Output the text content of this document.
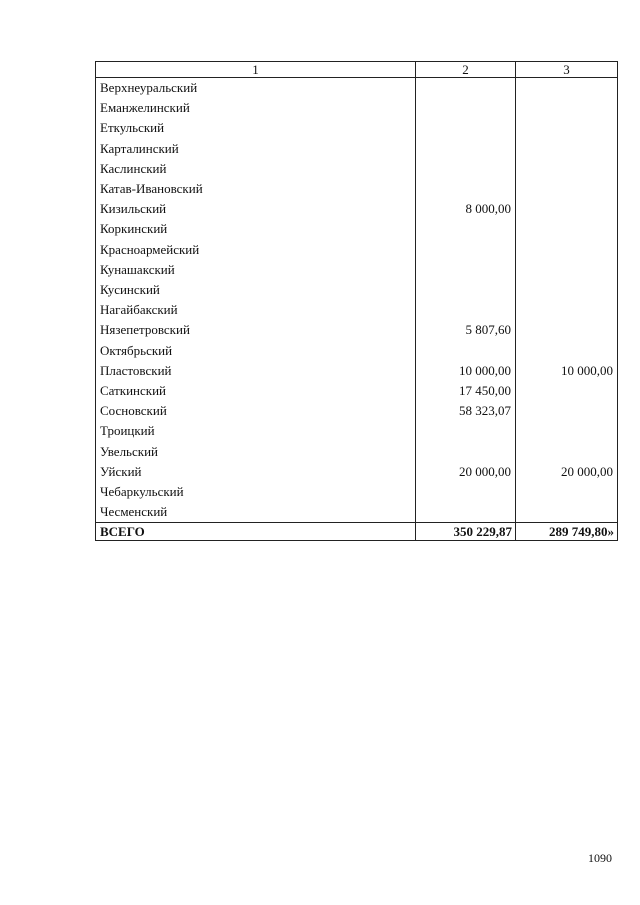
1	2	3
Верхнеуральский		
Еманжелинский		
Еткульский		
Карталинский		
Каслинский		
Катав-Ивановский		
Кизильский	8 000,00	
Коркинский		
Красноармейский		
Кунашакский		
Кусинский		
Нагайбакский		
Нязепетровский	5 807,60	
Октябрьский		
Пластовский	10 000,00	10 000,00
Саткинский	17 450,00	
Сосновский	58 323,07	
Троицкий		
Увельский		
Уйский	20 000,00	20 000,00
Чебаркульский		
Чесменский		
ВСЕГО	350 229,87	289 749,80»
1090
